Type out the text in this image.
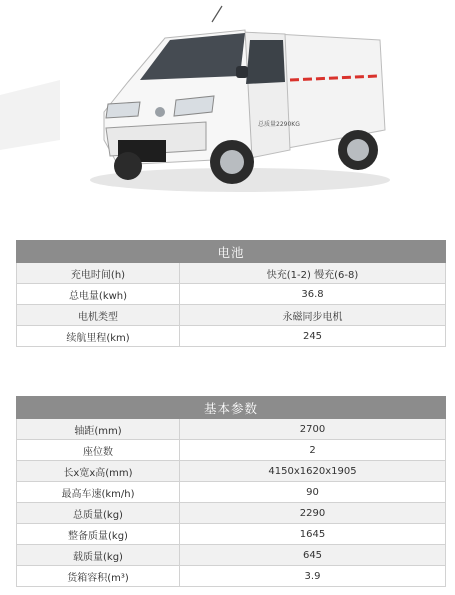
总质量2290KG
电池	
充电时间(h)	快充(1-2) 慢充(6-8)
总电量(kwh)	36.8
电机类型	永磁同步电机
续航里程(km)	245
基本参数	
轴距(mm)	2700
座位数	2
长x宽x高(mm)	4150x1620x1905
最高车速(km/h)	90
总质量(kg)	2290
整备质量(kg)	1645
载质量(kg)	645
货箱容积(m³)	3.9
